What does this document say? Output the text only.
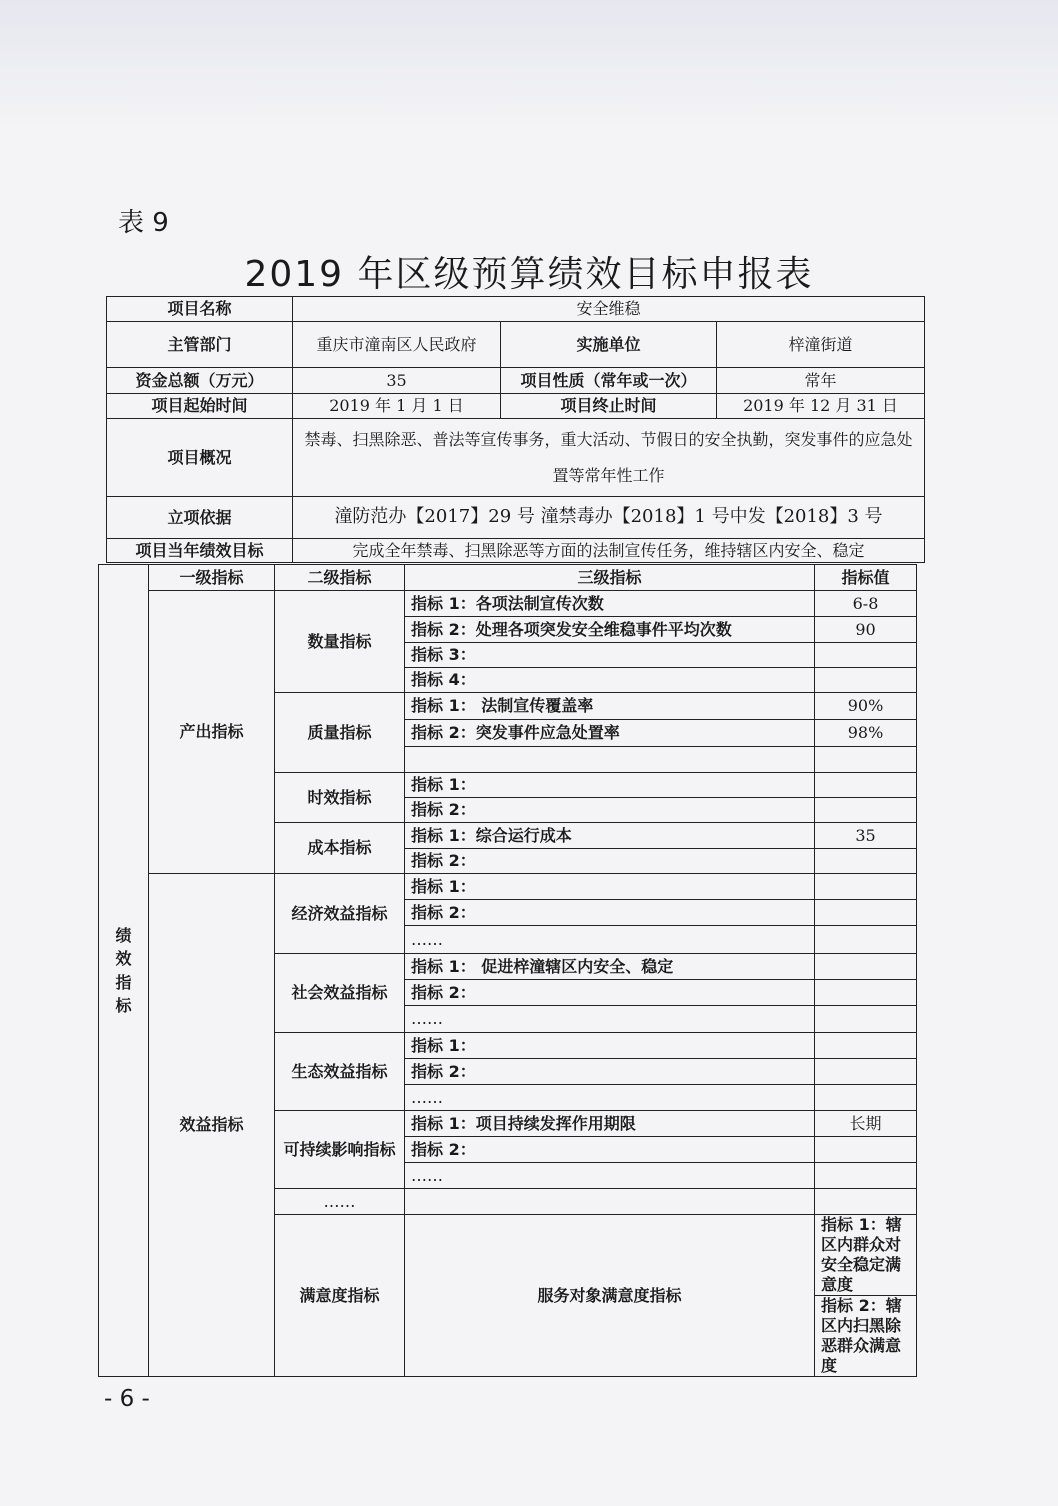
表 9
2019 年区级预算绩效目标申报表
项目名称	安全维稳		
主管部门	重庆市潼南区人民政府	实施单位	梓潼街道
资金总额（万元）	35	项目性质（常年或一次）	常年
项目起始时间	2019 年 1 月 1 日	项目终止时间	2019 年 12 月 31 日
项目概况	禁毒、扫黑除恶、普法等宣传事务，重大活动、节假日的安全执勤，突发事件的应急处置等常年性工作		
立项依据	潼防范办【2017】29 号 潼禁毒办【2018】1 号中发【2018】3 号		
项目当年绩效目标	完成全年禁毒、扫黑除恶等方面的法制宣传任务，维持辖区内安全、稳定		
绩效指标	一级指标	二级指标	三级指标	指标值	
	产出指标	数量指标	指标 1：各项法制宣传次数	6-8	
			指标 2：处理各项突发安全维稳事件平均次数	90	
			指标 3：		
			指标 4：		
		质量指标	指标 1： 法制宣传覆盖率	90%	
			指标 2：突发事件应急处置率	98%	

		时效指标	指标 1：		
			指标 2：		
		成本指标	指标 1：综合运行成本	35	
			指标 2：		
	效益指标	经济效益指标	指标 1：		
			指标 2：		
			……		
		社会效益指标	指标 1： 促进梓潼辖区内安全、稳定		
			指标 2：		
			……		
		生态效益指标	指标 1：		
			指标 2：		
			……		
		可持续影响指标	指标 1：项目持续发挥作用期限	长期	
			指标 2：		
			……		
		……			
		满意度指标	服务对象满意度指标	指标 1：辖区内群众对安全稳定满意度	
				指标 2：辖区内扫黑除恶群众满意度	
- 6 -
